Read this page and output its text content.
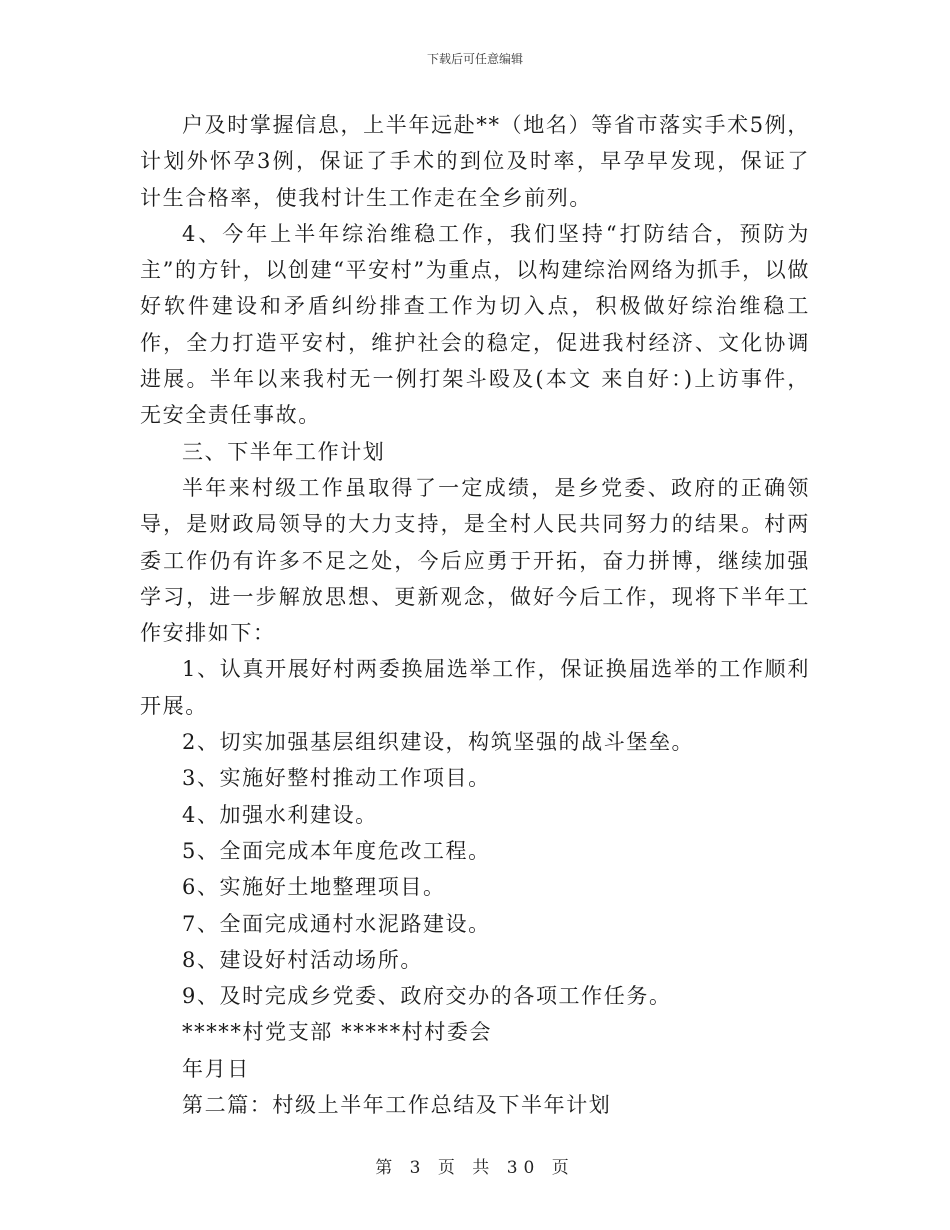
下载后可任意编辑

户及时掌握信息，上半年远赴**（地名）等省市落实手术5例，计划外怀孕3例，保证了手术的到位及时率，早孕早发现，保证了计生合格率，使我村计生工作走在全乡前列。

4、今年上半年综治维稳工作，我们坚持“打防结合，预防为主”的方针，以创建“平安村”为重点，以构建综治网络为抓手，以做好软件建设和矛盾纠纷排查工作为切入点，积极做好综治维稳工作，全力打造平安村，维护社会的稳定，促进我村经济、文化协调进展。半年以来我村无一例打架斗殴及(本文 来自好：)上访事件，无安全责任事故。

三、下半年工作计划

半年来村级工作虽取得了一定成绩，是乡党委、政府的正确领导，是财政局领导的大力支持，是全村人民共同努力的结果。村两委工作仍有许多不足之处，今后应勇于开拓，奋力拼博，继续加强学习，进一步解放思想、更新观念，做好今后工作，现将下半年工作安排如下：

1、认真开展好村两委换届选举工作，保证换届选举的工作顺利开展。

2、切实加强基层组织建设，构筑坚强的战斗堡垒。

3、实施好整村推动工作项目。

4、加强水利建设。

5、全面完成本年度危改工程。

6、实施好土地整理项目。

7、全面完成通村水泥路建设。

8、建设好村活动场所。

9、及时完成乡党委、政府交办的各项工作任务。

*****村党支部 *****村村委会

年月日

第二篇：村级上半年工作总结及下半年计划

第 3 页 共 30 页
